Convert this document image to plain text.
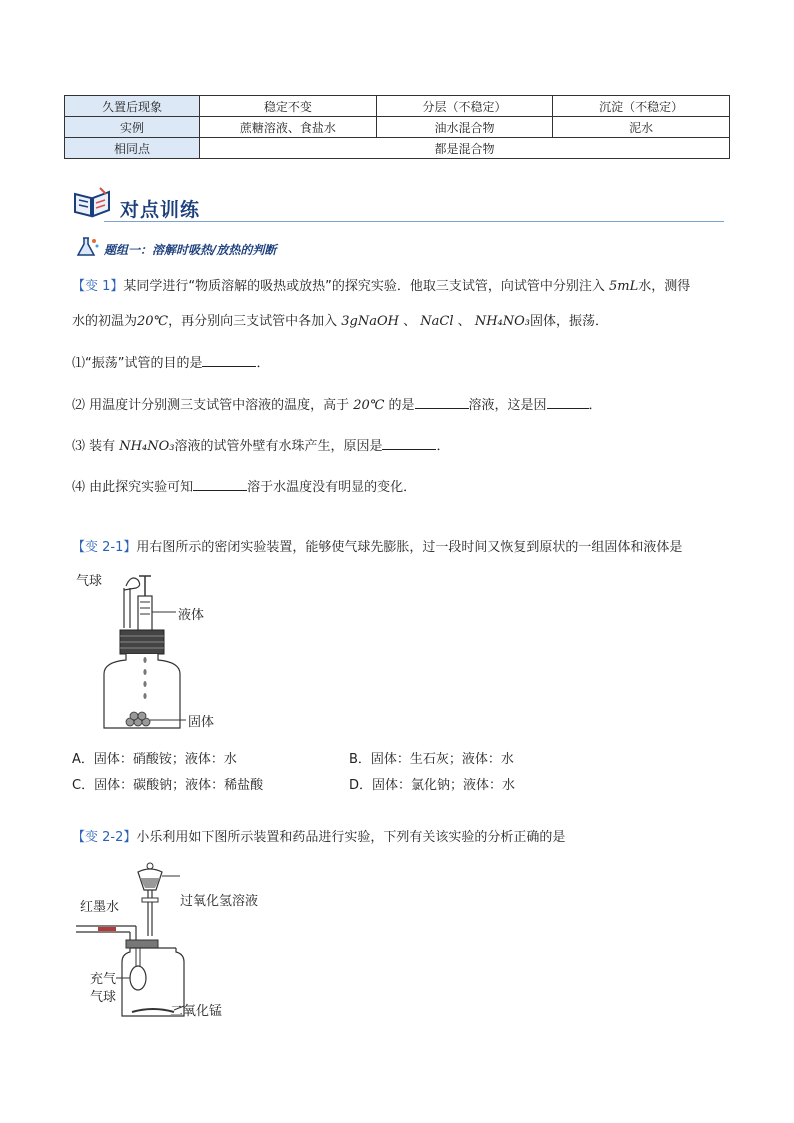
久置后现象	稳定不变	分层（不稳定）	沉淀（不稳定）
实例	蔗糖溶液、食盐水	油水混合物	泥水
相同点	都是混合物		
对点训练
题组一：溶解时吸热/放热的判断
【变 1】某同学进行“物质溶解的吸热或放热”的探究实验．他取三支试管，向试管中分别注入 5mL水，测得
水的初温为20℃，再分别向三支试管中各加入 3gNaOH 、 NaCl 、 NH₄NO₃固体，振荡．
⑴“振荡”试管的目的是	．
⑵ 用温度计分别测三支试管中溶液的温度，高于 20℃ 的是	溶液，这是因	．
⑶ 装有 NH₄NO₃溶液的试管外壁有水珠产生，原因是	．
⑷ 由此探究实验可知	溶于水温度没有明显的变化．
【变 2-1】用右图所示的密闭实验装置，能够使气球先膨胀，过一段时间又恢复到原状的一组固体和液体是
气球
液体
固体
A．固体：硝酸铵；液体：水	B．固体：生石灰；液体：水
C．固体：碳酸钠；液体：稀盐酸	D．固体：氯化钠；液体：水
【变 2-2】小乐利用如下图所示装置和药品进行实验，下列有关该实验的分析正确的是
红墨水	过氧化氢溶液
充气
气球
二氧化锰
